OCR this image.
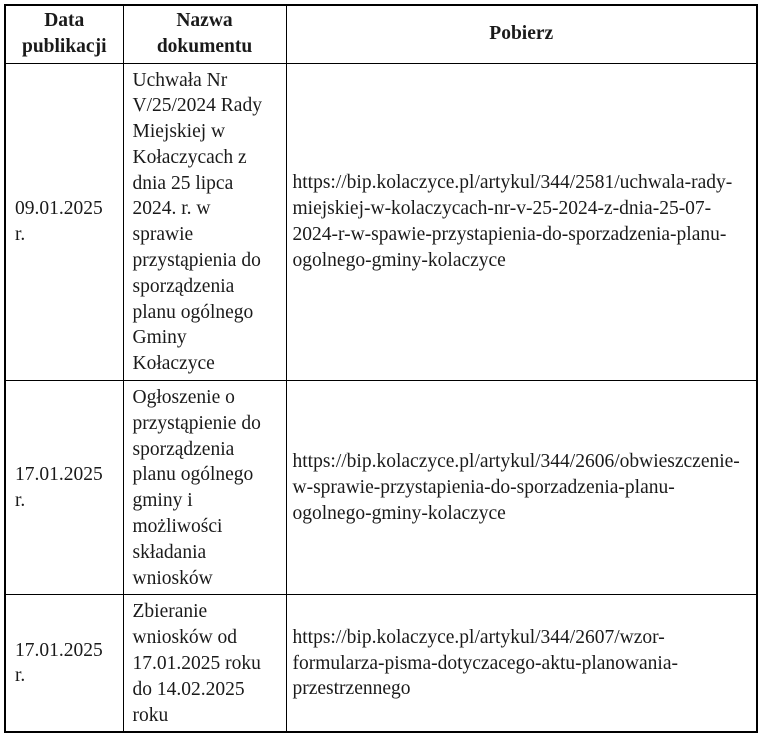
Data publikacji	Nazwa dokumentu	Pobierz
09.01.2025 r.	Uchwała Nr V/25/2024 Rady Miejskiej w Kołaczycach z dnia 25 lipca 2024. r. w sprawie przystąpienia do sporządzenia planu ogólnego Gminy Kołaczyce	https://bip.kolaczyce.pl/artykul/344/2581/uchwala-rady-miejskiej-w-kolaczycach-nr-v-25-2024-z-dnia-25-07-2024-r-w-spawie-przystapienia-do-sporzadzenia-planu-ogolnego-gminy-kolaczyce
17.01.2025 r.	Ogłoszenie o przystąpienie do sporządzenia planu ogólnego gminy i możliwości składania wniosków	https://bip.kolaczyce.pl/artykul/344/2606/obwieszczenie-w-sprawie-przystapienia-do-sporzadzenia-planu-ogolnego-gminy-kolaczyce
17.01.2025 r.	Zbieranie wniosków od 17.01.2025 roku do 14.02.2025 roku	https://bip.kolaczyce.pl/artykul/344/2607/wzor-formularza-pisma-dotyczacego-aktu-planowania-przestrzennego
